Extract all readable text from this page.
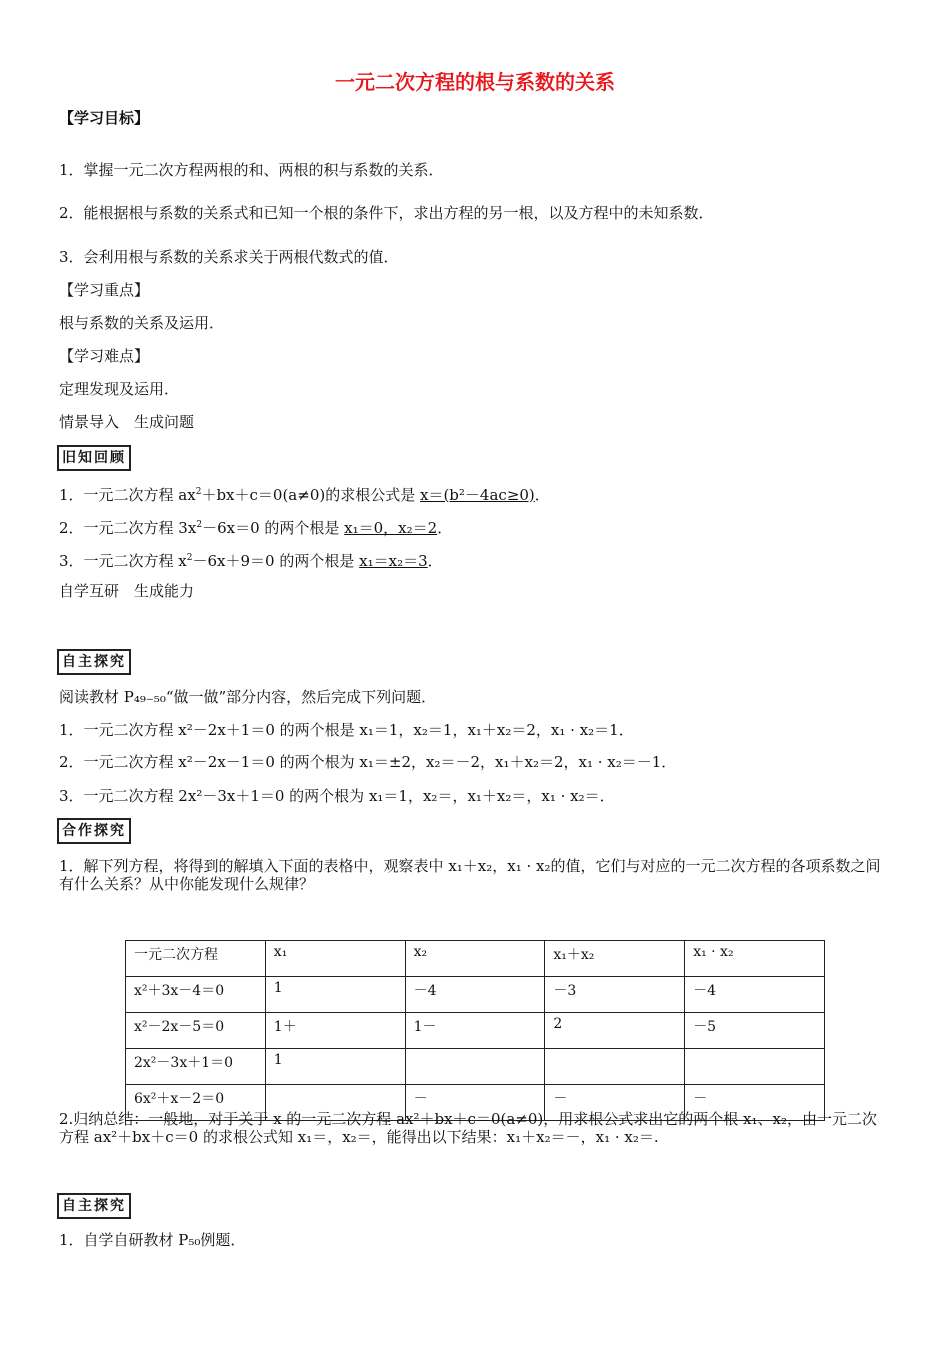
一元二次方程的根与系数的关系
【学习目标】
1．掌握一元二次方程两根的和、两根的积与系数的关系．
2．能根据根与系数的关系式和已知一个根的条件下，求出方程的另一根，以及方程中的未知系数．
3．会利用根与系数的关系求关于两根代数式的值．
【学习重点】
根与系数的关系及运用．
【学习难点】
定理发现及运用．
情景导入　生成问题
旧知回顾
1．一元二次方程 $ax^2+bx+c=0(a\ne 0)$的求根公式是 x＝(b²－4ac≥0)．
2．一元二次方程 $3x^2-6x=0$ 的两个根是 x₁＝0，x₂＝2．
3．一元二次方程 $x^2-6x+9=0$ 的两个根是 x₁＝x₂＝3．
自学互研　生成能力
自主探究
阅读教材 P₄₉₋₅₀“做一做”部分内容，然后完成下列问题．
1．一元二次方程 x²－2x＋1＝0 的两个根是 x₁＝1，x₂＝1，x₁＋x₂＝2，x₁ · x₂＝1．
2．一元二次方程 x²－2x－1＝0 的两个根为 x₁＝±2，x₂＝－2，x₁＋x₂＝2，x₁ · x₂＝－1．
3．一元二次方程 2x²－3x＋1＝0 的两个根为 x₁＝1，x₂＝，x₁＋x₂＝，x₁ · x₂＝．
合作探究
1．解下列方程，将得到的解填入下面的表格中，观察表中 x₁＋x₂，x₁ · x₂的值，它们与对应的一元二次方程的各项系数之间有什么关系？从中你能发现什么规律？
一元二次方程	x₁	x₂	x₁＋x₂	x₁ · x₂
x²＋3x－4＝0	1	－4	－3	－4
x²－2x－5＝0	1＋	1－	2	－5
2x²－3x＋1＝0	1			
6x²＋x－2＝0		－	－	－
2.归纳总结：一般地，对于关于 x 的一元二次方程 ax²＋bx＋c＝0(a≠0)，用求根公式求出它的两个根 x₁、x₂，由一元二次方程 ax²＋bx＋c＝0 的求根公式知 x₁＝，x₂＝，能得出以下结果：x₁＋x₂＝－，x₁ · x₂＝.
自主探究
1．自学自研教材 P₅₀例题．
